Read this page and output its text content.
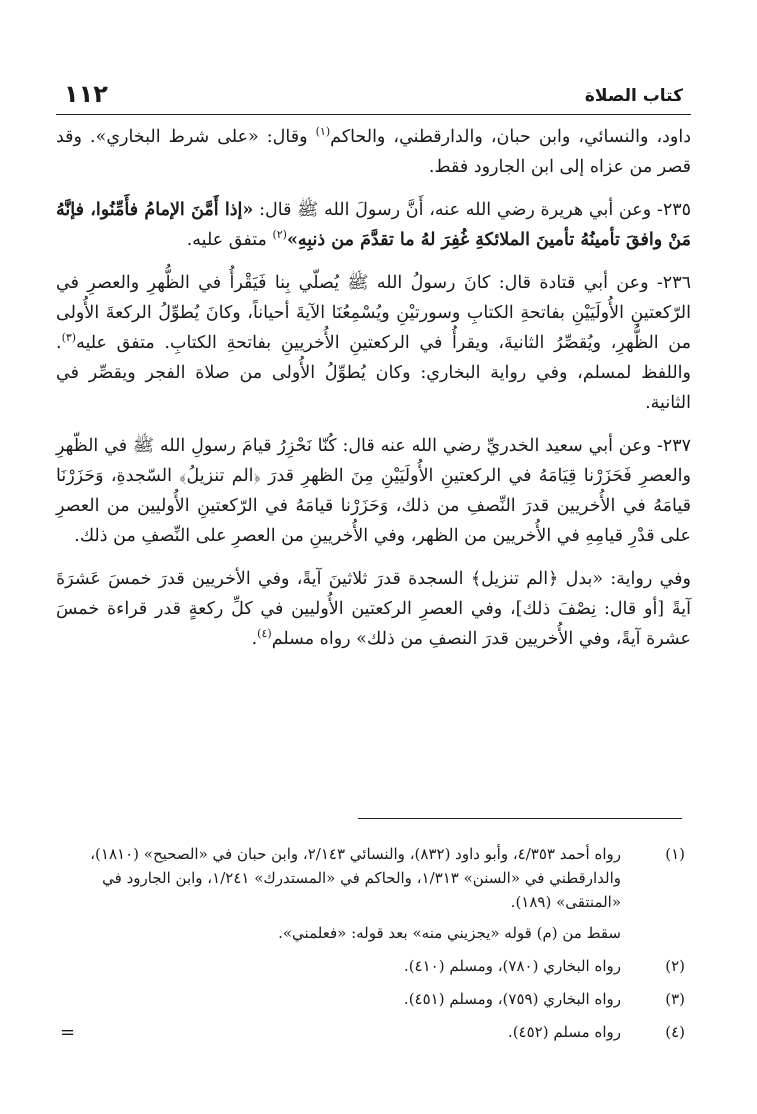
كتاب الصلاة
١١٢

داود، والنسائي، وابن حبان، والدارقطني، والحاكم$^{(١)}$ وقال: «على شرط البخاري». وقد قصر من عزاه إلى ابن الجارود فقط.

٢٣٥- وعن أبي هريرة رضي الله عنه، أَنَّ رسولَ الله ﷺ قال: «إذا أَمَّنَ الإمامُ فأَمِّنُوا، فإنَّهُ مَنْ وافقَ تأمينُهُ تأمينَ الملائكةِ غُفِرَ لهُ ما تقدَّمَ من ذنبِهِ»$^{(٢)}$ متفق عليه.

٢٣٦- وعن أبي قتادة قال: كانَ رسولُ الله ﷺ يُصلّي بِنا فَيَقْرأُ في الظُّهرِ والعصرِ في الرّكعتينِ الأُولَيَيْنِ بفاتحةِ الكتابِ وسورتيْنِ ويُسْمِعُنَا الآيةَ أحياناً، وكانَ يُطوِّلُ الركعةَ الأُولى من الظُّهرِ، ويُقصِّرُ الثانيةَ، ويقرأُ في الركعتينِ الأُخريينِ بفاتحةِ الكتابِ. متفق عليه$^{(٣)}$. واللفظ لمسلم، وفي رواية البخاري: وكان يُطوِّلُ الأُولى من صلاة الفجر ويقصِّر في الثانية.

٢٣٧- وعن أبي سعيد الخدريِّ رضي الله عنه قال: كُنّا نَحْزِرُ قيامَ رسولِ الله ﷺ في الظّهرِ والعصرِ فَحَزَرْنا قِيَامَهُ في الركعتينِ الأُولَيَيْنِ مِنَ الظهرِ قدرَ ﴿الم تنزيلُ﴾ السّجدةِ، وَحَزَرْنَا قيامَهُ في الأُخريين قدرَ النِّصفِ من ذلك، وَحَزَرْنا قيامَهُ في الرّكعتينِ الأُوليين من العصرِ على قدْرِ قيامِهِ في الأُخريين من الظهر، وفي الأُخريينِ من العصرِ على النِّصفِ من ذلك.

وفي رواية: «بدل ﴿الم تنزيل﴾ السجدة قدرَ ثلاثينَ آيةً، وفي الأخريين قدرَ خمسَ عَشرَةَ آيةً [أو قال: نِصْفَ ذلك]، وفي العصرِ الركعتين الأُوليين في كلِّ ركعةٍ قدر قراءة خمسَ عشرة آيةً، وفي الأُخريين قدرَ النصفِ من ذلك» رواه مسلم$^{(٤)}$.

(١)
رواه أحمد ٤/٣٥٣، وأبو داود (٨٣٢)، والنسائي ٢/١٤٣، وابن حبان في «الصحيح» (١٨١٠)، والدارقطني في «السنن» ١/٣١٣، والحاكم في «المستدرك» ١/٢٤١، وابن الجارود في «المنتقى» (١٨٩).
سقط من (م) قوله «يجزيني منه» بعد قوله: «فعلمني».
(٢)
رواه البخاري (٧٨٠)، ومسلم (٤١٠).
(٣)
رواه البخاري (٧٥٩)، ومسلم (٤٥١).
(٤)
رواه مسلم (٤٥٢).
=
